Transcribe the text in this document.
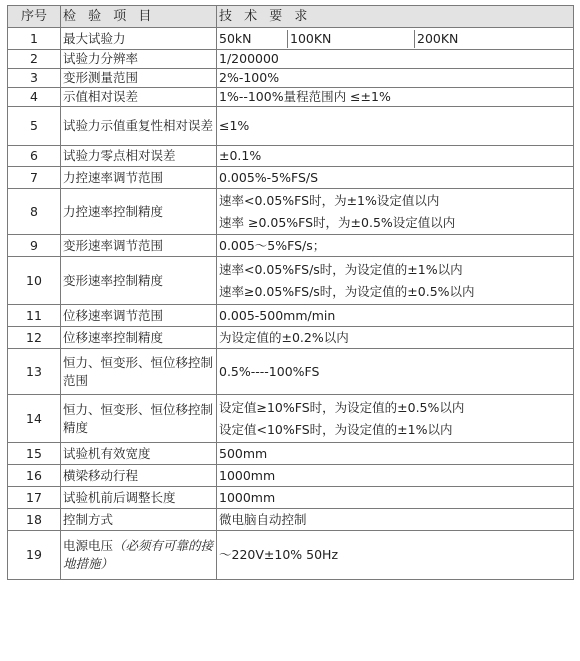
序号	检 验 项 目	技 术 要 求
1	最大试验力	50kN 100KN 200KN

2	试验力分辨率	1/200000

3	变形测量范围	2%-100%

4	示值相对误差	1%--100%量程范围内 ≤±1%

5	试验力示值重复性相对误差	≤1%

6	试验力零点相对误差	±0.1%

7	力控速率调节范围	0.005%-5%FS/S

8	力控速率控制精度	速率<0.05%FS时，为±1%设定值以内
速率 ≥0.05%FS时，为±0.5%设定值以内

9	变形速率调节范围	0.005～5%FS/s；

10	变形速率控制精度	速率<0.05%FS/s时，为设定值的±1%以内
速率≥0.05%FS/s时，为设定值的±0.5%以内

11	位移速率调节范围	0.005-500mm/min

12	位移速率控制精度	为设定值的±0.2%以内

13	恒力、恒变形、恒位移控制范围	0.5%----100%FS

14	恒力、恒变形、恒位移控制精度	设定值≥10%FS时，为设定值的±0.5%以内
设定值<10%FS时，为设定值的±1%以内

15	试验机有效宽度	500mm

16	横梁移动行程	1000mm

17	试验机前后调整长度	1000mm

18	控制方式	微电脑自动控制

19	电源电压（必须有可靠的接地措施）	～220V±10% 50Hz
